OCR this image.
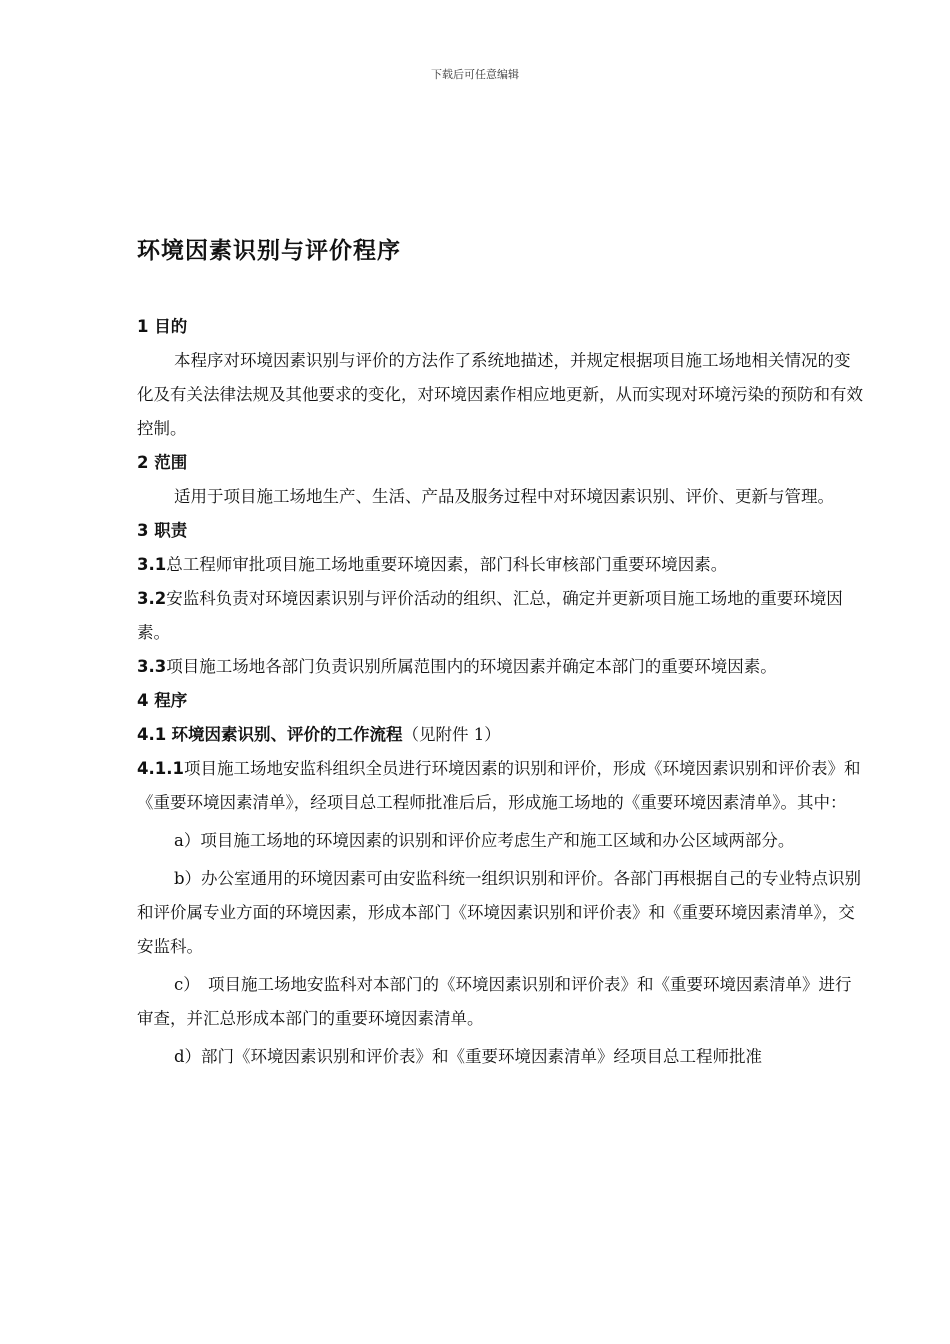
下载后可任意编辑
环境因素识别与评价程序

1 目的

本程序对环境因素识别与评价的方法作了系统地描述，并规定根据项目施工场地相关情况的变化及有关法律法规及其他要求的变化，对环境因素作相应地更新，从而实现对环境污染的预防和有效控制。

2 范围

适用于项目施工场地生产、生活、产品及服务过程中对环境因素识别、评价、更新与管理。

3 职责

3.1总工程师审批项目施工场地重要环境因素，部门科长审核部门重要环境因素。

3.2安监科负责对环境因素识别与评价活动的组织、汇总，确定并更新项目施工场地的重要环境因素。

3.3项目施工场地各部门负责识别所属范围内的环境因素并确定本部门的重要环境因素。

4 程序

4.1 环境因素识别、评价的工作流程（见附件 1）

4.1.1项目施工场地安监科组织全员进行环境因素的识别和评价，形成《环境因素识别和评价表》和《重要环境因素清单》，经项目总工程师批准后后，形成施工场地的《重要环境因素清单》。其中：

a）项目施工场地的环境因素的识别和评价应考虑生产和施工区域和办公区域两部分。

b）办公室通用的环境因素可由安监科统一组织识别和评价。各部门再根据自己的专业特点识别和评价属专业方面的环境因素，形成本部门《环境因素识别和评价表》和《重要环境因素清单》，交安监科。

c）　项目施工场地安监科对本部门的《环境因素识别和评价表》和《重要环境因素清单》进行审查，并汇总形成本部门的重要环境因素清单。

d）部门《环境因素识别和评价表》和《重要环境因素清单》经项目总工程师批准
